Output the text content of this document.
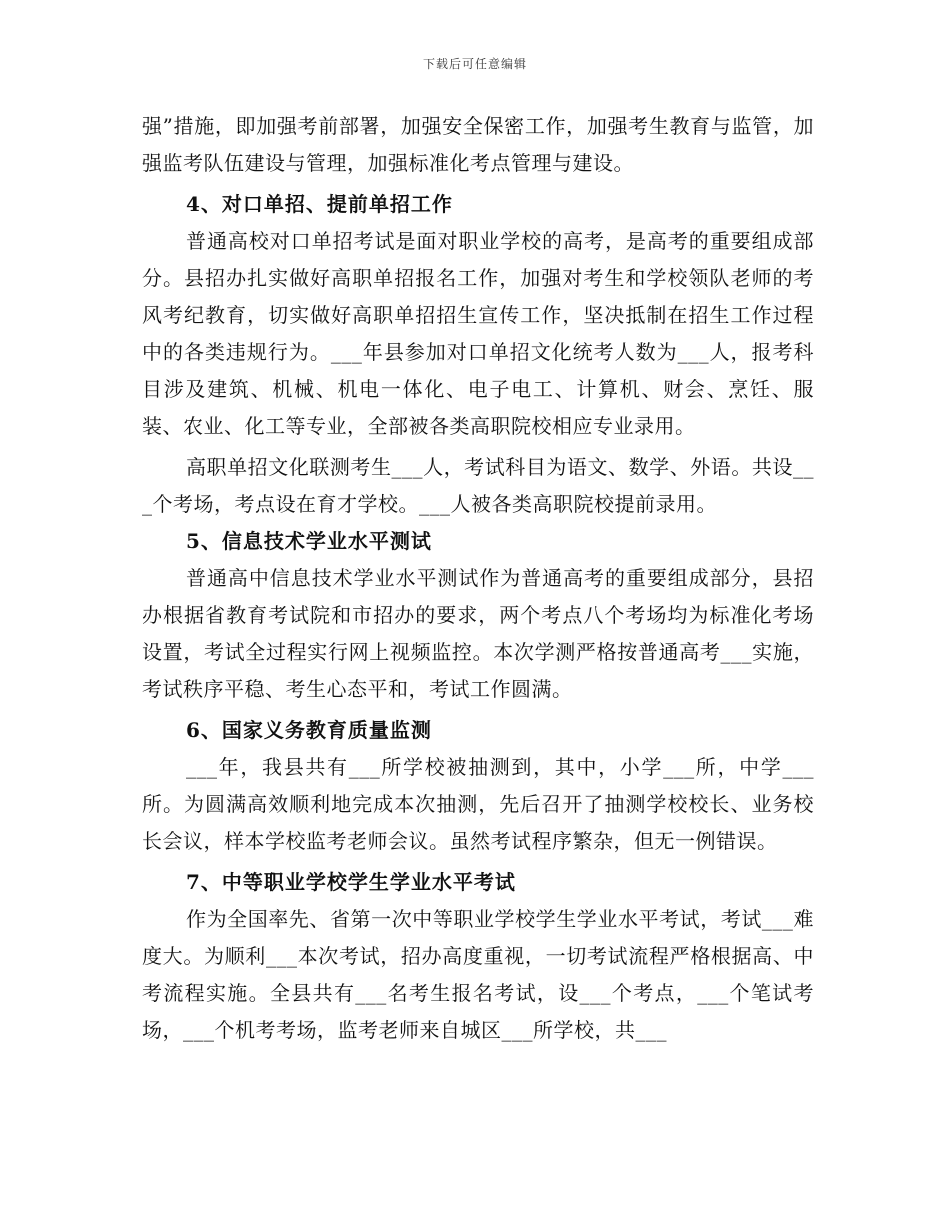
下载后可任意编辑

强”措施，即加强考前部署，加强安全保密工作，加强考生教育与监管，加强监考队伍建设与管理，加强标准化考点管理与建设。

4、对口单招、提前单招工作

普通高校对口单招考试是面对职业学校的高考，是高考的重要组成部分。县招办扎实做好高职单招报名工作，加强对考生和学校领队老师的考风考纪教育，切实做好高职单招招生宣传工作，坚决抵制在招生工作过程中的各类违规行为。___年县参加对口单招文化统考人数为___人，报考科目涉及建筑、机械、机电一体化、电子电工、计算机、财会、烹饪、服装、农业、化工等专业，全部被各类高职院校相应专业录用。

高职单招文化联测考生___人，考试科目为语文、数学、外语。共设___个考场，考点设在育才学校。___人被各类高职院校提前录用。

5、信息技术学业水平测试

普通高中信息技术学业水平测试作为普通高考的重要组成部分，县招办根据省教育考试院和市招办的要求，两个考点八个考场均为标准化考场设置，考试全过程实行网上视频监控。本次学测严格按普通高考___实施，考试秩序平稳、考生心态平和，考试工作圆满。

6、国家义务教育质量监测

___年，我县共有___所学校被抽测到，其中，小学___所，中学___所。为圆满高效顺利地完成本次抽测，先后召开了抽测学校校长、业务校长会议，样本学校监考老师会议。虽然考试程序繁杂，但无一例错误。

7、中等职业学校学生学业水平考试

作为全国率先、省第一次中等职业学校学生学业水平考试，考试___难度大。为顺利___本次考试，招办高度重视，一切考试流程严格根据高、中考流程实施。全县共有___名考生报名考试，设___个考点，___个笔试考场，___个机考考场，监考老师来自城区___所学校，共___
